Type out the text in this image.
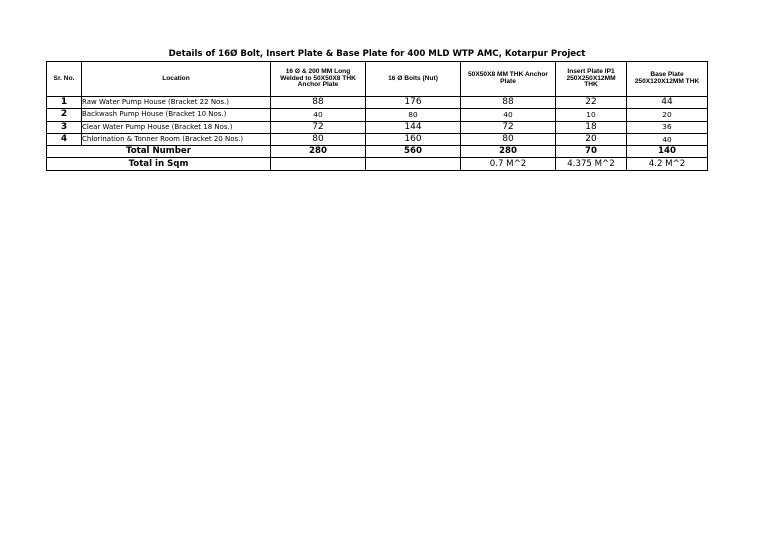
Details of 16Ø Bolt, Insert Plate & Base Plate for 400 MLD WTP AMC, Kotarpur Project
Sr. No.	Location	16 Ø & 200 MM Long
Welded to 50X50X8 THK
Anchor Plate	16 Ø Bolts (Nut)	50X50X8 MM THK Anchor
Plate	Insert Plate IP1
250X250X12MM
THK	Base Plate
250X120X12MM THK
1	Raw Water Pump House (Bracket 22 Nos.)	88	176	88	22	44
2	Backwash Pump House (Bracket 10 Nos.)	40	80	40	10	20
3	Clear Water Pump House (Bracket 18 Nos.)	72	144	72	18	36
4	Chlorination & Tonner Room (Bracket 20 Nos.)	80	160	80	20	40
Total Number		280	560	280	70	140
Total in Sqm				0.7 M^2	4.375 M^2	4.2 M^2
